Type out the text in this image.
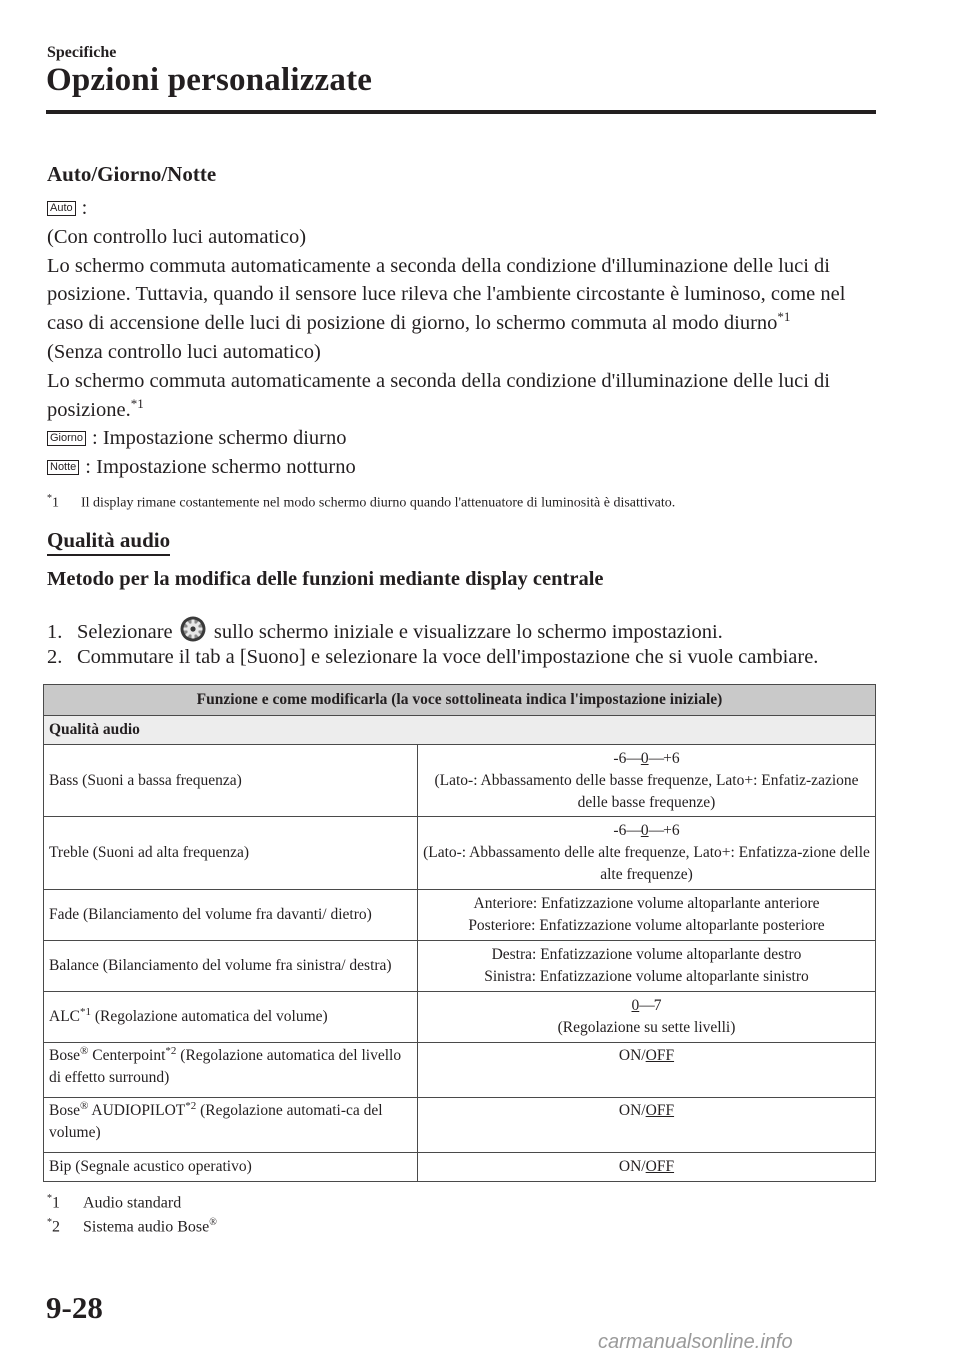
Specifiche
Opzioni personalizzate
Auto/Giorno/Notte

Auto :

(Con controllo luci automatico)

Lo schermo commuta automaticamente a seconda della condizione d'illuminazione delle luci di posizione. Tuttavia, quando il sensore luce rileva che l'ambiente circostante è luminoso, come nel caso di accensione delle luci di posizione di giorno, lo schermo commuta al modo diurno$^{*1}$

(Senza controllo luci automatico)

Lo schermo commuta automaticamente a seconda della condizione d'illuminazione delle luci di posizione.$^{*1}$

Giorno : Impostazione schermo diurno

Notte : Impostazione schermo notturno

*1 Il display rimane costantemente nel modo schermo diurno quando l'attenuatore di luminosità è disattivato.
Qualità audio
Metodo per la modifica delle funzioni mediante display centrale
1. Selezionare sullo schermo iniziale e visualizzare lo schermo impostazioni.
2. Commutare il tab a [Suono] e selezionare la voce dell'impostazione che si vuole cambiare.
Funzione e come modificarla (la voce sottolineata indica l'impostazione iniziale)	
Qualità audio	
Bass (Suoni a bassa frequenza)	-6—0—+6
(Lato-: Abbassamento delle basse frequenze, Lato+: Enfatiz-zazione delle basse frequenze)

Treble (Suoni ad alta frequenza)	-6—0—+6
(Lato-: Abbassamento delle alte frequenze, Lato+: Enfatizza-zione delle alte frequenze)

Fade (Bilanciamento del volume fra davanti/ dietro)	Anteriore: Enfatizzazione volume altoparlante anteriore
Posteriore: Enfatizzazione volume altoparlante posteriore

Balance (Bilanciamento del volume fra sinistra/ destra)	Destra: Enfatizzazione volume altoparlante destro
Sinistra: Enfatizzazione volume altoparlante sinistro

ALC$^{*1}$ (Regolazione automatica del volume)	0—7
(Regolazione su sette livelli)

Bose® Centerpoint$^{*2}$ (Regolazione automatica del livello di effetto surround)	ON/OFF
Bose® AUDIOPILOT$^{*2}$ (Regolazione automati-ca del volume)	ON/OFF
Bip (Segnale acustico operativo)	ON/OFF
*1 Audio standard
*2 Sistema audio Bose®
9-28
carmanualsonline.info
